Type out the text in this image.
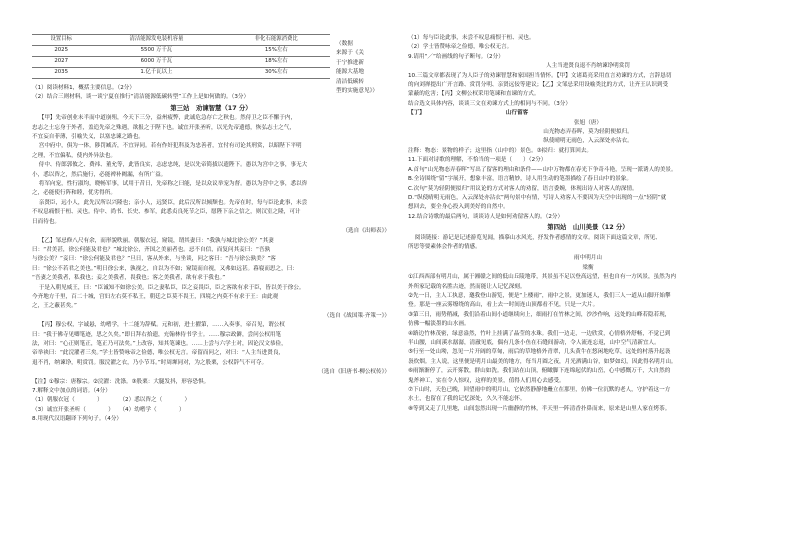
设置目标	清洁能源发电装机容量	非化石能源消费比
2025	5500 万千瓦	15%左右
2027	6000 万千瓦	18%左右
2035	1.亿千瓦以上	30%左右
（数据
来源于《关
于宁推进新
能源大基地
清洁低碳转
型的实施意见》）
（1）阅读材料1，概括主要信息。（2分）
（2）结合三则材料，谈一谈宁夏在推行“清洁能源低碳转型”工作上是如何做的。（3分）
第三站　劝谏智慧（17 分）
【甲】先帝创业未半而中道崩殂，今天下三分，益州疲弊，此诚危急存亡之秋也。然侍卫之臣不懈于内，
忠志之士忘身于外者，盖追先帝之殊遇，欲报之于陛下也。诚宜开张圣听，以光先帝遗德，恢弘志士之气，
不宜妄自菲薄，引喻失义，以塞忠谏之路也。
宫中府中，俱为一体，陟罚臧否，不宜异同。若有作奸犯科及为忠善者，宜付有司论其刑赏，以昭陛下平明
之理，不宜偏私，使内外异法也。
侍中、侍郎郭攸之、费祎、董允等，此皆良实，志虑忠纯，是以先帝简拔以遗陛下。愚以为宫中之事，事无大
小，悉以咨之，然后施行，必能裨补阙漏，有所广益。
将军向宠，性行淑均，晓畅军事，试用于昔日，先帝称之曰能，是以众议举宠为督。愚以为营中之事，悉以咨
之，必能使行阵和睦，优劣得所。
亲贤臣，远小人，此先汉所以兴隆也；亲小人，远贤臣，此后汉所以倾颓也。先帝在时，每与臣论此事，未尝
不叹息痛恨于桓、灵也。侍中、尚书、长史、参军，此悉贞良死节之臣，愿陛下亲之信之，则汉室之隆，可计
日而待也。
（选自《出师表》）
【乙】邹忌修八尺有余，而形貌昳丽。朝服衣冠，窥镜，谓其妻曰：“我孰与城北徐公美？”其妻
曰：“君美甚，徐公何能及君也？”城北徐公，齐国之美丽者也。忌不自信，而复问其妾曰：“吾孰
与徐公美？”妾曰：“徐公何能及君也？”旦日，客从外来，与坐谈，问之客曰：“吾与徐公孰美？”客
曰：“徐公不若君之美也。”明日徐公来，孰视之，自以为不如；窥镜而自视，又弗如远甚。暮寝而思之，曰：
“吾妻之美我者，私我也；妾之美我者，畏我也；客之美我者，欲有求于我也。”
于是入朝见威王，曰：“臣诚知不如徐公美。臣之妻私臣，臣之妾畏臣，臣之客欲有求于臣，皆以美于徐公。
今齐地方千里，百二十城，宫妇左右莫不私王，朝廷之臣莫不畏王，四境之内莫不有求于王：由此观
之，王之蔽甚矣。”
（选自《战国策·齐策一》）
【丙】穆公权，字诚悬，幼嗜学，十二能为辞赋。元和初，进士擢第，……入奏事，帝召见，谓公权
曰：“我于佛寺见卿笔迹，思之久矣。”即日拜右拾遗，充翰林侍书学士。……穆宗政僻，尝问公权用笔
法，对曰：“心正则笔正，笔正乃可法矣。”上改容，知其笔谏也。……上尝与六学士对，因论汉文恭俭，
帝举袂曰：“此浣濯者三矣。”学士皆赞咏帝之俭德，唯公权无言。帝留而问之，对曰：“人主当进贤良，
退不肖，纳谏诤，明赏罚。服浣濯之衣，乃小节耳。”时周墀同对，为之股栗，公权辞气不可夺。
（选自《旧唐书·柳公权传》）
【注】①穆宗：唐穆宗。②浣濯：洗涤。③股栗：大腿发抖，形容恐惧。
7.解释文中加点的词语。（4分）
（1）朝服衣冠（　　　　）　　　　（2）悉以咨之（　　　　）
（3）诚宜开张圣听（　　　　）　　（4）幼嗜学（　　　　）
8.用现代汉语翻译下列句子。（4分）
（1）每与臣论此事，未尝不叹息痛恨于桓、灵也。
（2）学士皆赞咏帝之俭德，唯公权无言。
9.请用“／”给画线的句子断句。（2分）
人主当进贤良退不肖纳谏诤明赏罚
10.三篇文章都表现了为人臣子的劝谏智慧和家国担当情怀。【甲】文诸葛亮采用直言劝谏的方式，言辞恳切
的向刘禅提出广开言路、赏罚分明、亲贤远佞等建议；【乙】文邹忌采用设喻类比的方式，让齐王认识到受
蒙蔽的危害；【丙】文柳公权采用笔谏和直谏的方式。
结合选文具体内容，谈谈三文在劝谏方式上的相同与不同。（3分）
【丁】　　　　　　　　　　　　　　　山行留客
张旭（唐）
山光物态弄春晖，莫为轻阴便拟归。
纵使晴明无雨色，入云深处亦沾衣。
注释：物态：景物的样子；这里指（山中的）景色。③拟归：就打算回去。
11.下面对诗歌的理解，不恰当的一项是（　　）（2分）
A.首句“山光物态弄春晖”写出了留客的理由和条件——山中万物都在春光下争奇斗艳，呈现一派诱人的美景。
B.全诗围绕“留”字展开，想象丰富，语言精妙，诗人用生动的笔墨描绘了春日山中的景象。
C.次句“莫为轻阴便拟归”用议论的方式对客人的劝留，语言委婉，体现出诗人对客人的深情。
D.“纵使晴明无雨色，入云深处亦沾衣”两句景中有情，写诗人劝客人不要因为天空中出现的一点“轻阴”就
想回去，要全身心投入到美好的自然中。
12.结合诗歌的最后两句，谈谈诗人是如何劝留客人的。（2分）
第四站　山川美景（12 分）
阅读链接：游记是记述游览见闻，描摹山水风光，抒发作者感情的文章。阅读下面这篇文章，所见、
所思等要素体会作者的情感。
雨中明月山
梁衡
①江西西部有明月山，属于湘赣之间的低山丘陵地带，其景虽不足以登高远望，但也自有一方风景，虽然为内
外所家记载的名胜古迹，然而能让人记忆深刻。
②先一日，主人工执意，邀我登山游览，便是“上楼雨”，雨中之景，更加迷人，我们三人一道从山脚开始攀
登。那是一座云雾缭绕的高山，看上去一时间连山顶都看不见，只是一大片。
③第三日，雨势稍减，我们沿着山间小道继续向上，细雨打在竹林之间，沙沙作响，远处的山峰若隐若现，
仿佛一幅淡墨的山水画。
④路边竹林茂密，绿意盎然，竹叶上挂满了晶莹的水珠。我们一边走，一边欣赏，心情格外舒畅，不觉已到
半山腰，山间溪水潺潺，清澈见底，偶有几条小鱼在石缝间游动，令人流连忘返，山中空气清新宜人。
⑤行至一处山坳，忽见一片开阔的草甸，雨后的草地格外青翠，几头黄牛在悠闲地吃草，远处的村落升起袅
袅炊烟。主人说，这里便是明月山最美的地方，每当月圆之夜，月光洒满山谷，如梦如幻，因此得名明月山。
⑥雨渐渐停了，云开雾散，群山如洗。我们站在山顶，俯瞰脚下连绵起伏的山峦，心中感慨万千，大自然的
鬼斧神工，实在令人惊叹，这样的美景，值得人们用心去感受。
⑦下山时，天色已晚，回望雨中的明月山，它依然静静地矗立在那里，仿佛一位沉默的老人，守护着这一方
水土，也留在了我的记忆深处，久久不能忘怀。
⑧等到又走了几里地，山间忽然出现一片幽静的竹林，半天里一阵清香扑鼻而来，原来是山里人家在烤茶。
